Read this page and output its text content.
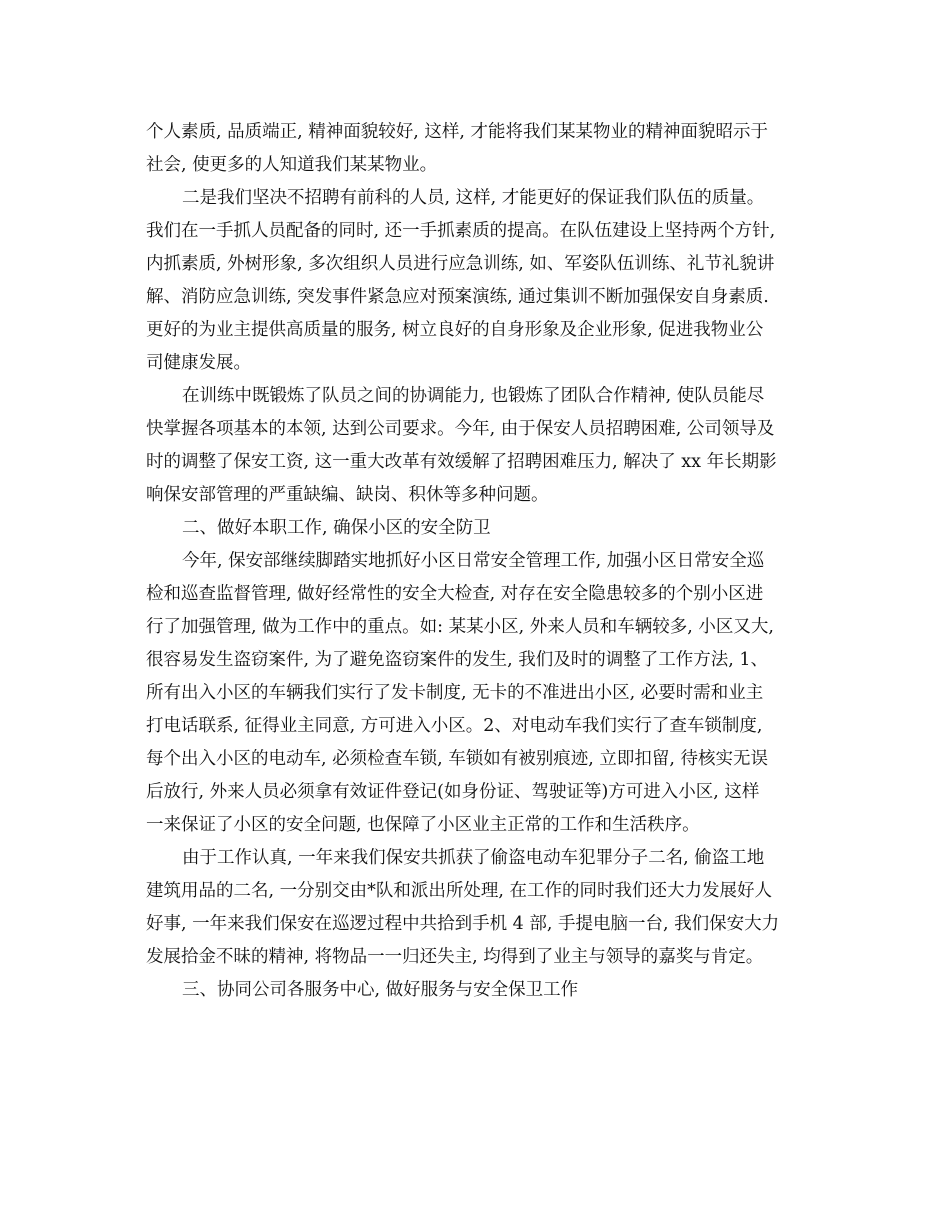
个人素质, 品质端正, 精神面貌较好, 这样, 才能将我们某某物业的精神面貌昭示于
社会, 使更多的人知道我们某某物业。
二是我们坚决不招聘有前科的人员, 这样, 才能更好的保证我们队伍的质量。
我们在一手抓人员配备的同时, 还一手抓素质的提高。在队伍建设上坚持两个方针,
内抓素质, 外树形象, 多次组织人员进行应急训练, 如、军姿队伍训练、礼节礼貌讲
解、消防应急训练, 突发事件紧急应对预案演练, 通过集训不断加强保安自身素质.
更好的为业主提供高质量的服务, 树立良好的自身形象及企业形象, 促进我物业公
司健康发展。
在训练中既锻炼了队员之间的协调能力, 也锻炼了团队合作精神, 使队员能尽
快掌握各项基本的本领, 达到公司要求。今年, 由于保安人员招聘困难, 公司领导及
时的调整了保安工资, 这一重大改革有效缓解了招聘困难压力, 解决了 xx 年长期影
响保安部管理的严重缺编、缺岗、积休等多种问题。
二、做好本职工作, 确保小区的安全防卫
今年, 保安部继续脚踏实地抓好小区日常安全管理工作, 加强小区日常安全巡
检和巡查监督管理, 做好经常性的安全大检查, 对存在安全隐患较多的个别小区进
行了加强管理, 做为工作中的重点。如: 某某小区, 外来人员和车辆较多, 小区又大,
很容易发生盗窃案件, 为了避免盗窃案件的发生, 我们及时的调整了工作方法, 1、
所有出入小区的车辆我们实行了发卡制度, 无卡的不准进出小区, 必要时需和业主
打电话联系, 征得业主同意, 方可进入小区。2、对电动车我们实行了查车锁制度,
每个出入小区的电动车, 必须检查车锁, 车锁如有被别痕迹, 立即扣留, 待核实无误
后放行, 外来人员必须拿有效证件登记(如身份证、驾驶证等)方可进入小区, 这样
一来保证了小区的安全问题, 也保障了小区业主正常的工作和生活秩序。
由于工作认真, 一年来我们保安共抓获了偷盗电动车犯罪分子二名, 偷盗工地
建筑用品的二名, 一分别交由*队和派出所处理, 在工作的同时我们还大力发展好人
好事, 一年来我们保安在巡逻过程中共拾到手机 4 部, 手提电脑一台, 我们保安大力
发展拾金不昧的精神, 将物品一一归还失主, 均得到了业主与领导的嘉奖与肯定。
三、协同公司各服务中心, 做好服务与安全保卫工作
